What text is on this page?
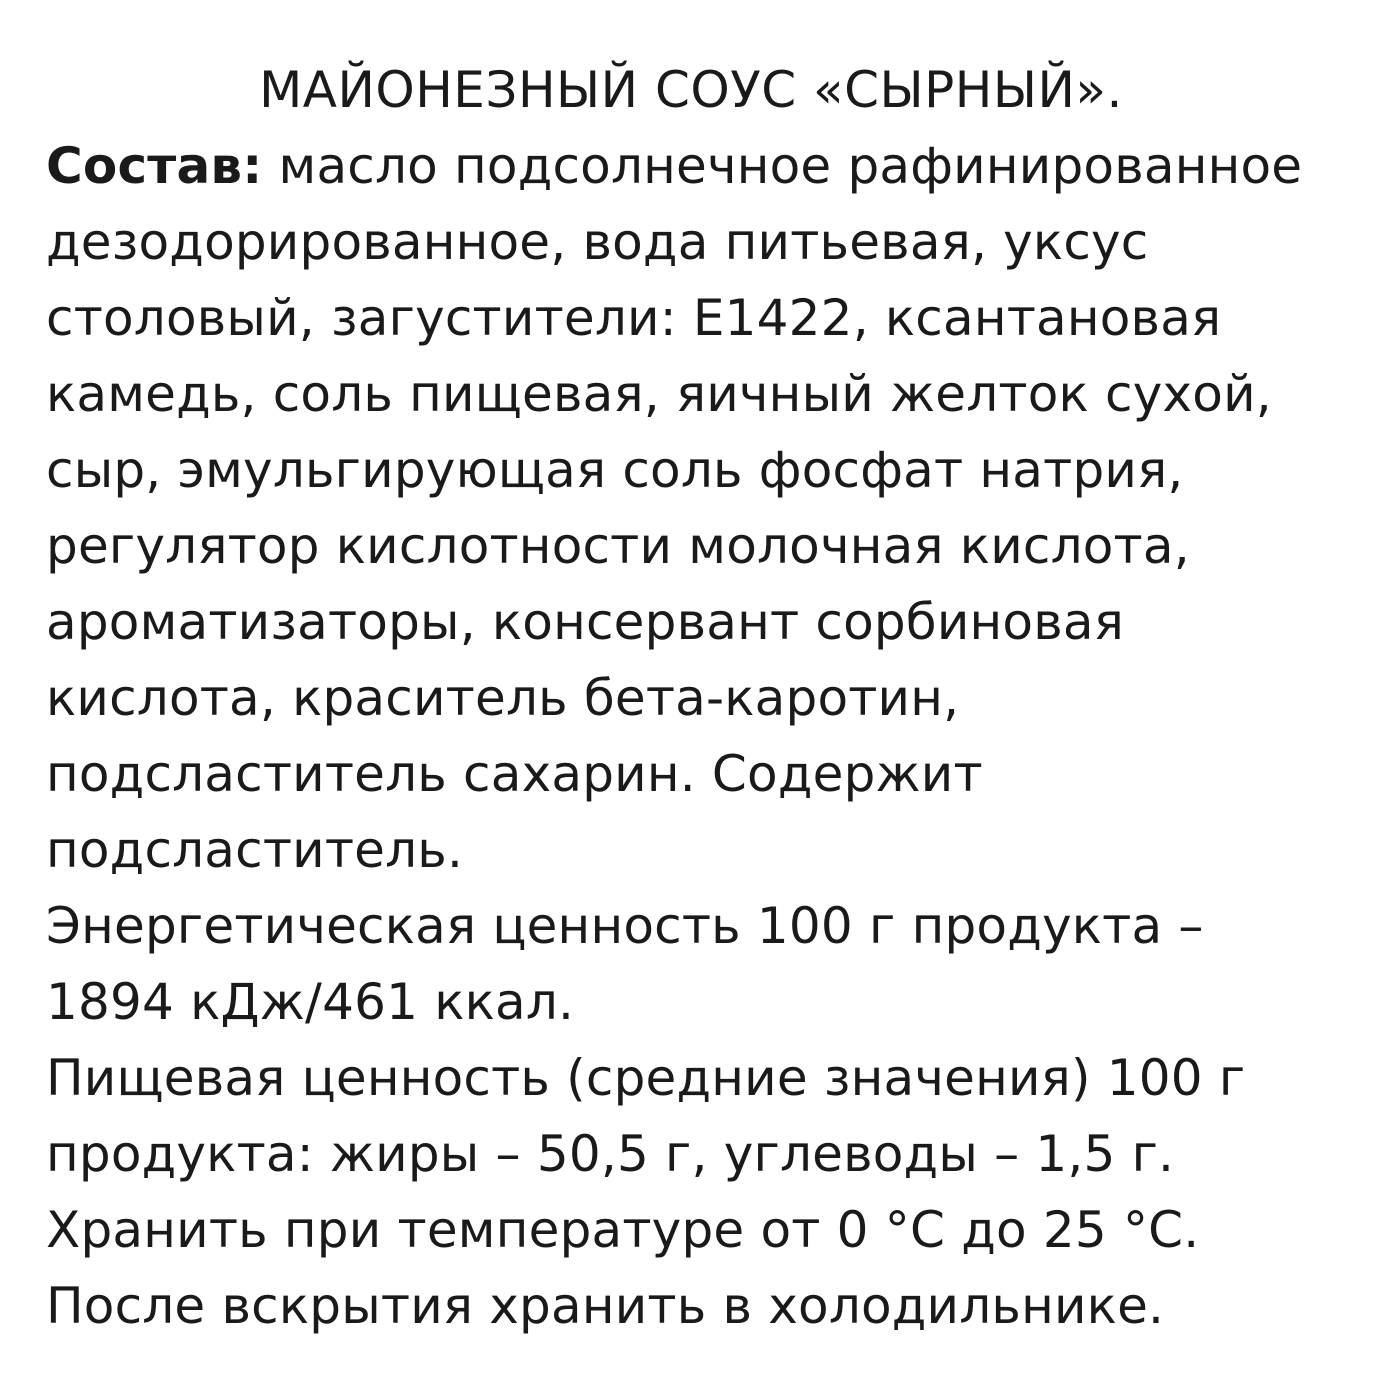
МАЙОНЕЗНЫЙ СОУС «СЫРНЫЙ».
Состав: масло подсолнечное рафинированное
дезодорированное, вода питьевая, уксус
столовый, загустители: Е1422, ксантановая
камедь, соль пищевая, яичный желток сухой,
сыр, эмульгирующая соль фосфат натрия,
регулятор кислотности молочная кислота,
ароматизаторы, консервант сорбиновая
кислота, краситель бета-каротин,
подсластитель сахарин. Содержит
подсластитель.
Энергетическая ценность 100 г продукта –
1894 кДж/461 ккал.
Пищевая ценность (средние значения) 100 г
продукта: жиры – 50,5 г, углеводы – 1,5 г.
Хранить при температуре от 0 °С до 25 °С.
После вскрытия хранить в холодильнике.
